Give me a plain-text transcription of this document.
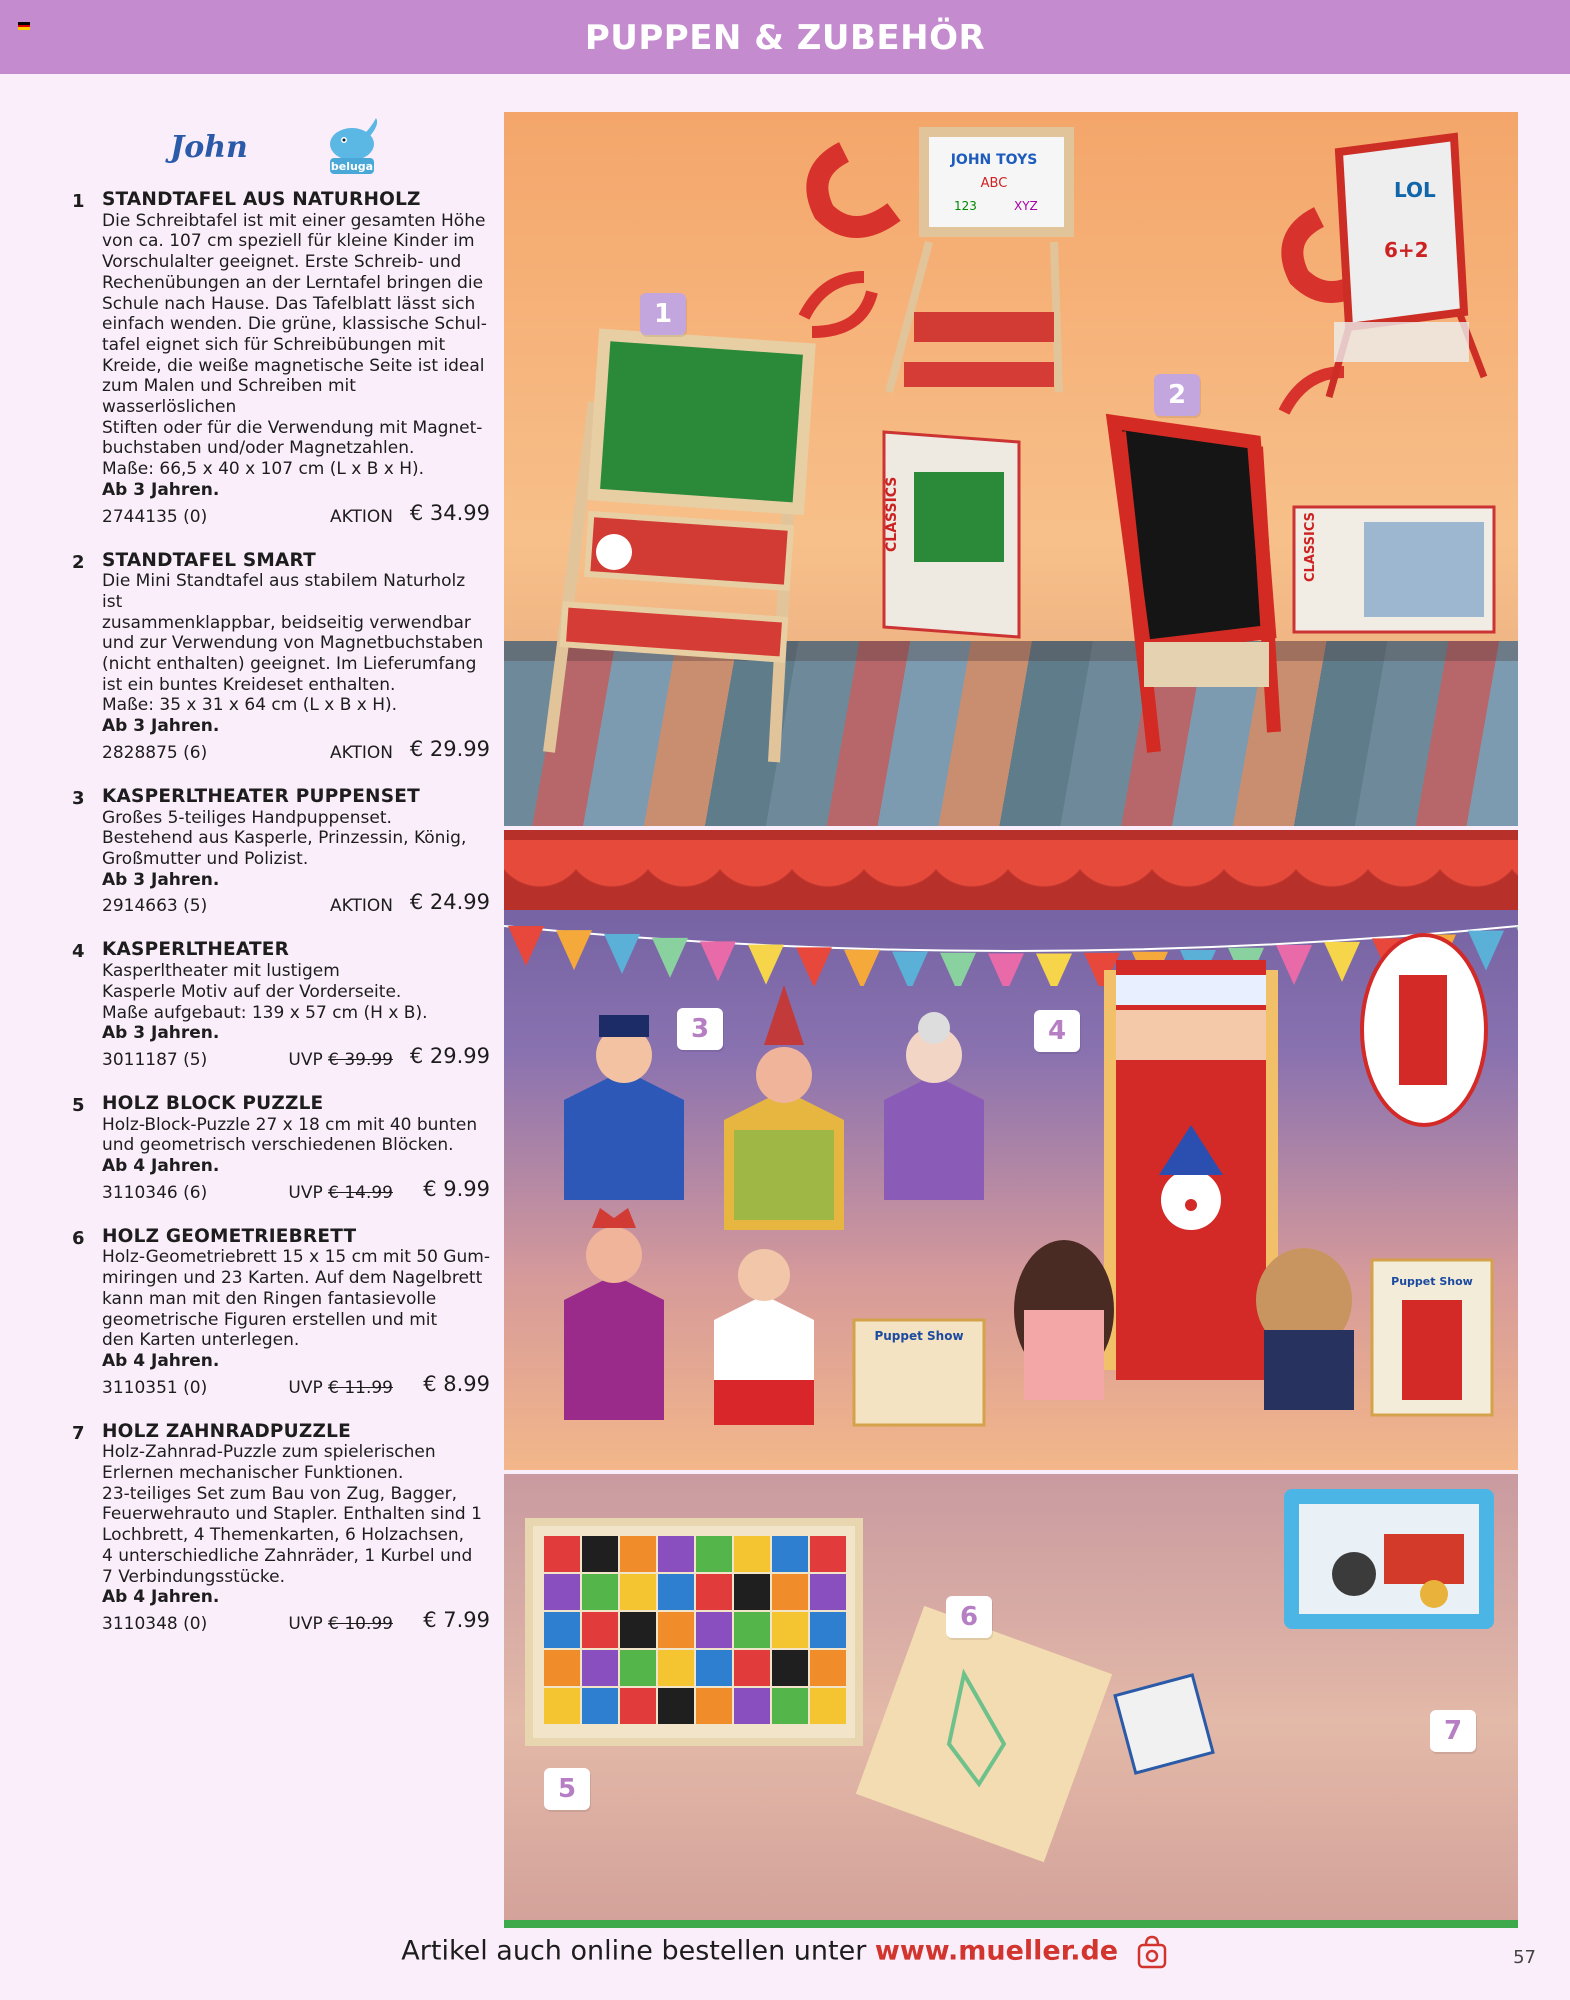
PUPPEN & ZUBEHÖR
John
beluga
1 STANDTAFEL AUS NATURHOLZ
Die Schreibtafel ist mit einer gesamten Höhe
von ca. 107 cm speziell für kleine Kinder im
Vorschulalter geeignet. Erste Schreib- und
Rechenübungen an der Lerntafel bringen die
Schule nach Hause. Das Tafelblatt lässt sich
einfach wenden. Die grüne, klassische Schul-
tafel eignet sich für Schreibübungen mit
Kreide, die weiße magnetische Seite ist ideal
zum Malen und Schreiben mit wasserlöslichen
Stiften oder für die Verwendung mit Magnet-
buchstaben und/oder Magnetzahlen.
Maße: 66,5 x 40 x 107 cm (L x B x H).
Ab 3 Jahren.
2744135 (0)	AKTION € 34.99
2 STANDTAFEL SMART
Die Mini Standtafel aus stabilem Naturholz ist
zusammenklappbar, beidseitig verwendbar
und zur Verwendung von Magnetbuchstaben
(nicht enthalten) geeignet. Im Lieferumfang
ist ein buntes Kreideset enthalten.
Maße: 35 x 31 x 64 cm (L x B x H).
Ab 3 Jahren.
2828875 (6)	AKTION € 29.99
3 KASPERLTHEATER PUPPENSET
Großes 5-teiliges Handpuppenset.
Bestehend aus Kasperle, Prinzessin, König,
Großmutter und Polizist.
Ab 3 Jahren.
2914663 (5)	AKTION € 24.99
4 KASPERLTHEATER
Kasperltheater mit lustigem
Kasperle Motiv auf der Vorderseite.
Maße aufgebaut: 139 x 57 cm (H x B).
Ab 3 Jahren.
3011187 (5)	UVP € 39.99 € 29.99
5 HOLZ BLOCK PUZZLE
Holz-Block-Puzzle 27 x 18 cm mit 40 bunten
und geometrisch verschiedenen Blöcken.
Ab 4 Jahren.
3110346 (6)	UVP € 14.99 € 9.99
6 HOLZ GEOMETRIEBRETT
Holz-Geometriebrett 15 x 15 cm mit 50 Gum-
miringen und 23 Karten. Auf dem Nagelbrett
kann man mit den Ringen fantasievolle
geometrische Figuren erstellen und mit
den Karten unterlegen.
Ab 4 Jahren.
3110351 (0)	UVP € 11.99 € 8.99
7 HOLZ ZAHNRADPUZZLE
Holz-Zahnrad-Puzzle zum spielerischen
Erlernen mechanischer Funktionen.
23-teiliges Set zum Bau von Zug, Bagger,
Feuerwehrauto und Stapler. Enthalten sind 1
Lochbrett, 4 Themenkarten, 6 Holzachsen,
4 unterschiedliche Zahnräder, 1 Kurbel und
7 Verbindungsstücke.
Ab 4 Jahren.
3110348 (0)	UVP € 10.99 € 7.99
JOHN TOYS
ABC
123	XYZ
CLASSICS
LOL
6+2
CLASSICS
1
2
Puppet Show
Puppet Show
3	4
6
5
7
Artikel auch online bestellen unter www.mueller.de	57
